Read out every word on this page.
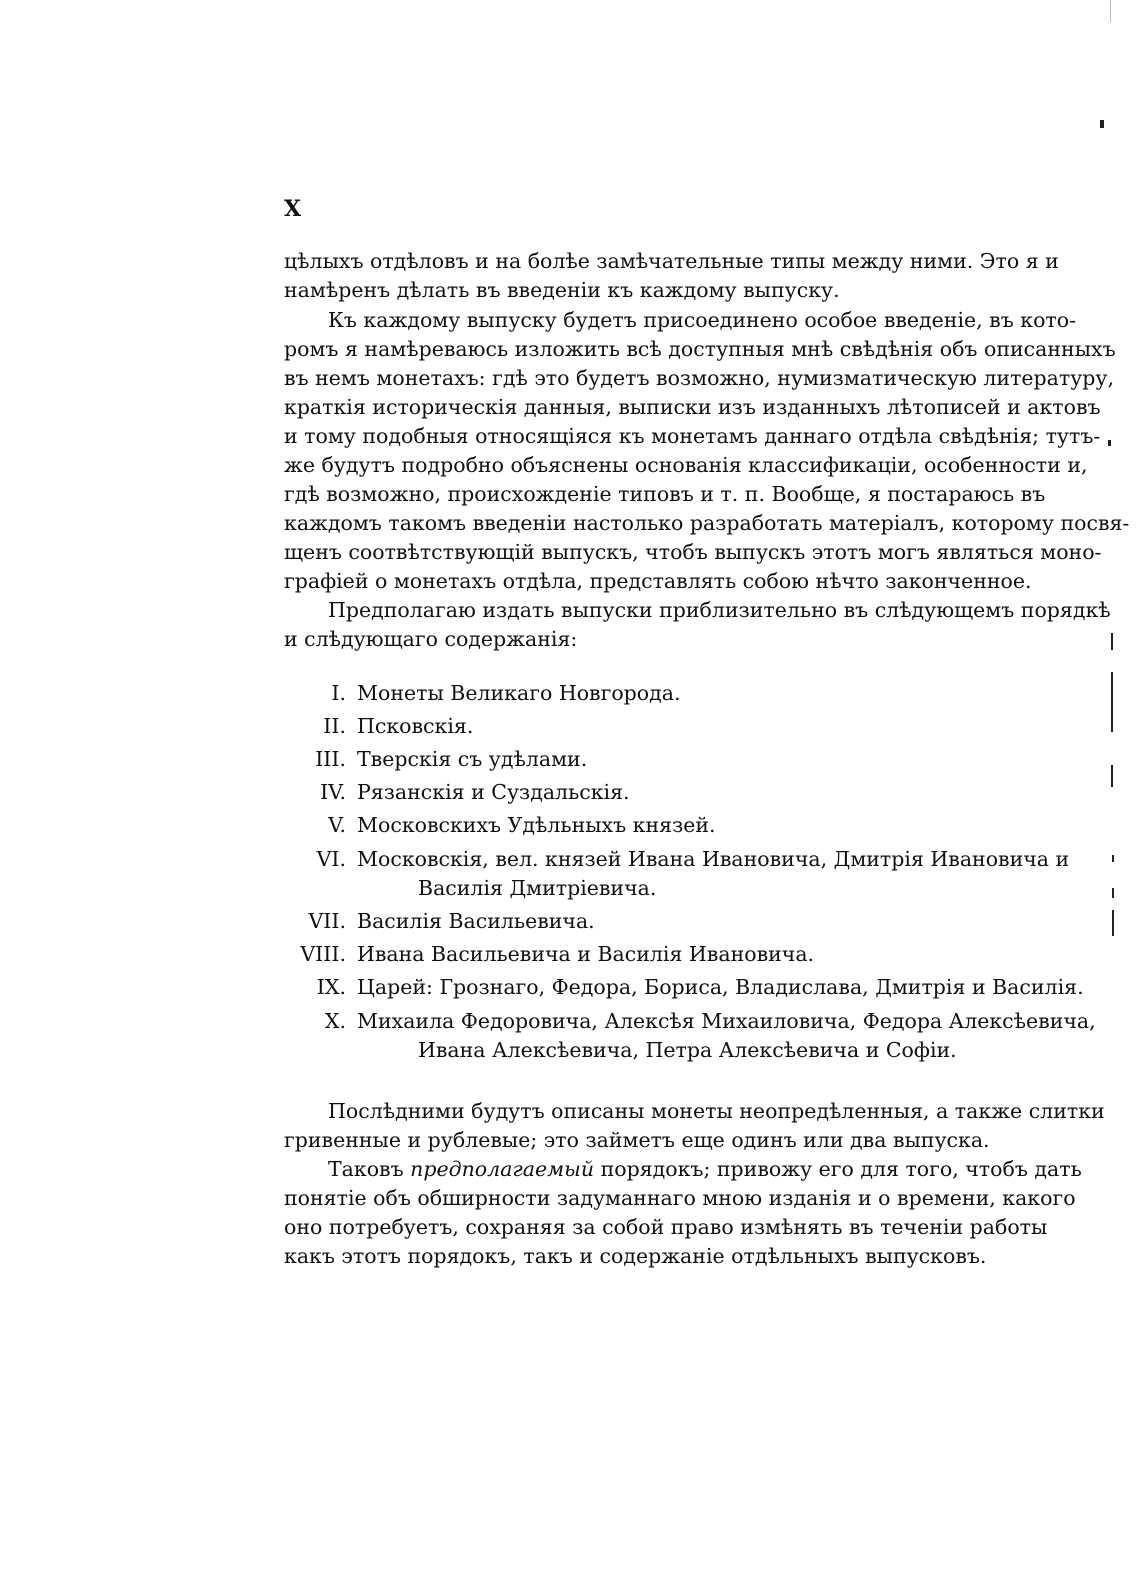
X
цѣлыхъ отдѣловъ и на болѣе замѣчательные типы между ними. Это я и
намѣренъ дѣлать въ введеніи къ каждому выпуску.
Къ каждому выпуску будетъ присоединено особое введеніе, въ кото-
ромъ я намѣреваюсь изложить всѣ доступныя мнѣ свѣдѣнія объ описанныхъ
въ немъ монетахъ: гдѣ это будетъ возможно, нумизматическую литературу,
краткія историческія данныя, выписки изъ изданныхъ лѣтописей и актовъ
и тому подобныя относящіяся къ монетамъ даннаго отдѣла свѣдѣнія; тутъ-
же будутъ подробно объяснены основанія классификаціи, особенности и,
гдѣ возможно, происхожденіе типовъ и т. п. Вообще, я постараюсь въ
каждомъ такомъ введеніи настолько разработать матеріалъ, которому посвя-
щенъ соотвѣтствующій выпускъ, чтобъ выпускъ этотъ могъ являться моно-
графіей о монетахъ отдѣла, представлять собою нѣчто законченное.
Предполагаю издать выпуски приблизительно въ слѣдующемъ порядкѣ
и слѣдующаго содержанія:
I. Монеты Великаго Новгорода.
II. Псковскія.
III. Тверскія съ удѣлами.
IV. Рязанскія и Суздальскія.
V. Московскихъ Удѣльныхъ князей.
VI. Московскія, вел. князей Ивана Ивановича, Дмитрія Ивановича и
Василія Дмитріевича.
VII. Василія Васильевича.
VIII. Ивана Васильевича и Василія Ивановича.
IX. Царей: Грознаго, Федора, Бориса, Владислава, Дмитрія и Василія.
X. Михаила Федоровича, Алексѣя Михаиловича, Федора Алексѣевича,
Ивана Алексѣевича, Петра Алексѣевича и Софіи.
Послѣдними будутъ описаны монеты неопредѣленныя, а также слитки
гривенные и рублевые; это займетъ еще одинъ или два выпуска.
Таковъ предполагаемый порядокъ; привожу его для того, чтобъ дать
понятіе объ обширности задуманнаго мною изданія и о времени, какого
оно потребуетъ, сохраняя за собой право измѣнять въ теченіи работы
какъ этотъ порядокъ, такъ и содержаніе отдѣльныхъ выпусковъ.
